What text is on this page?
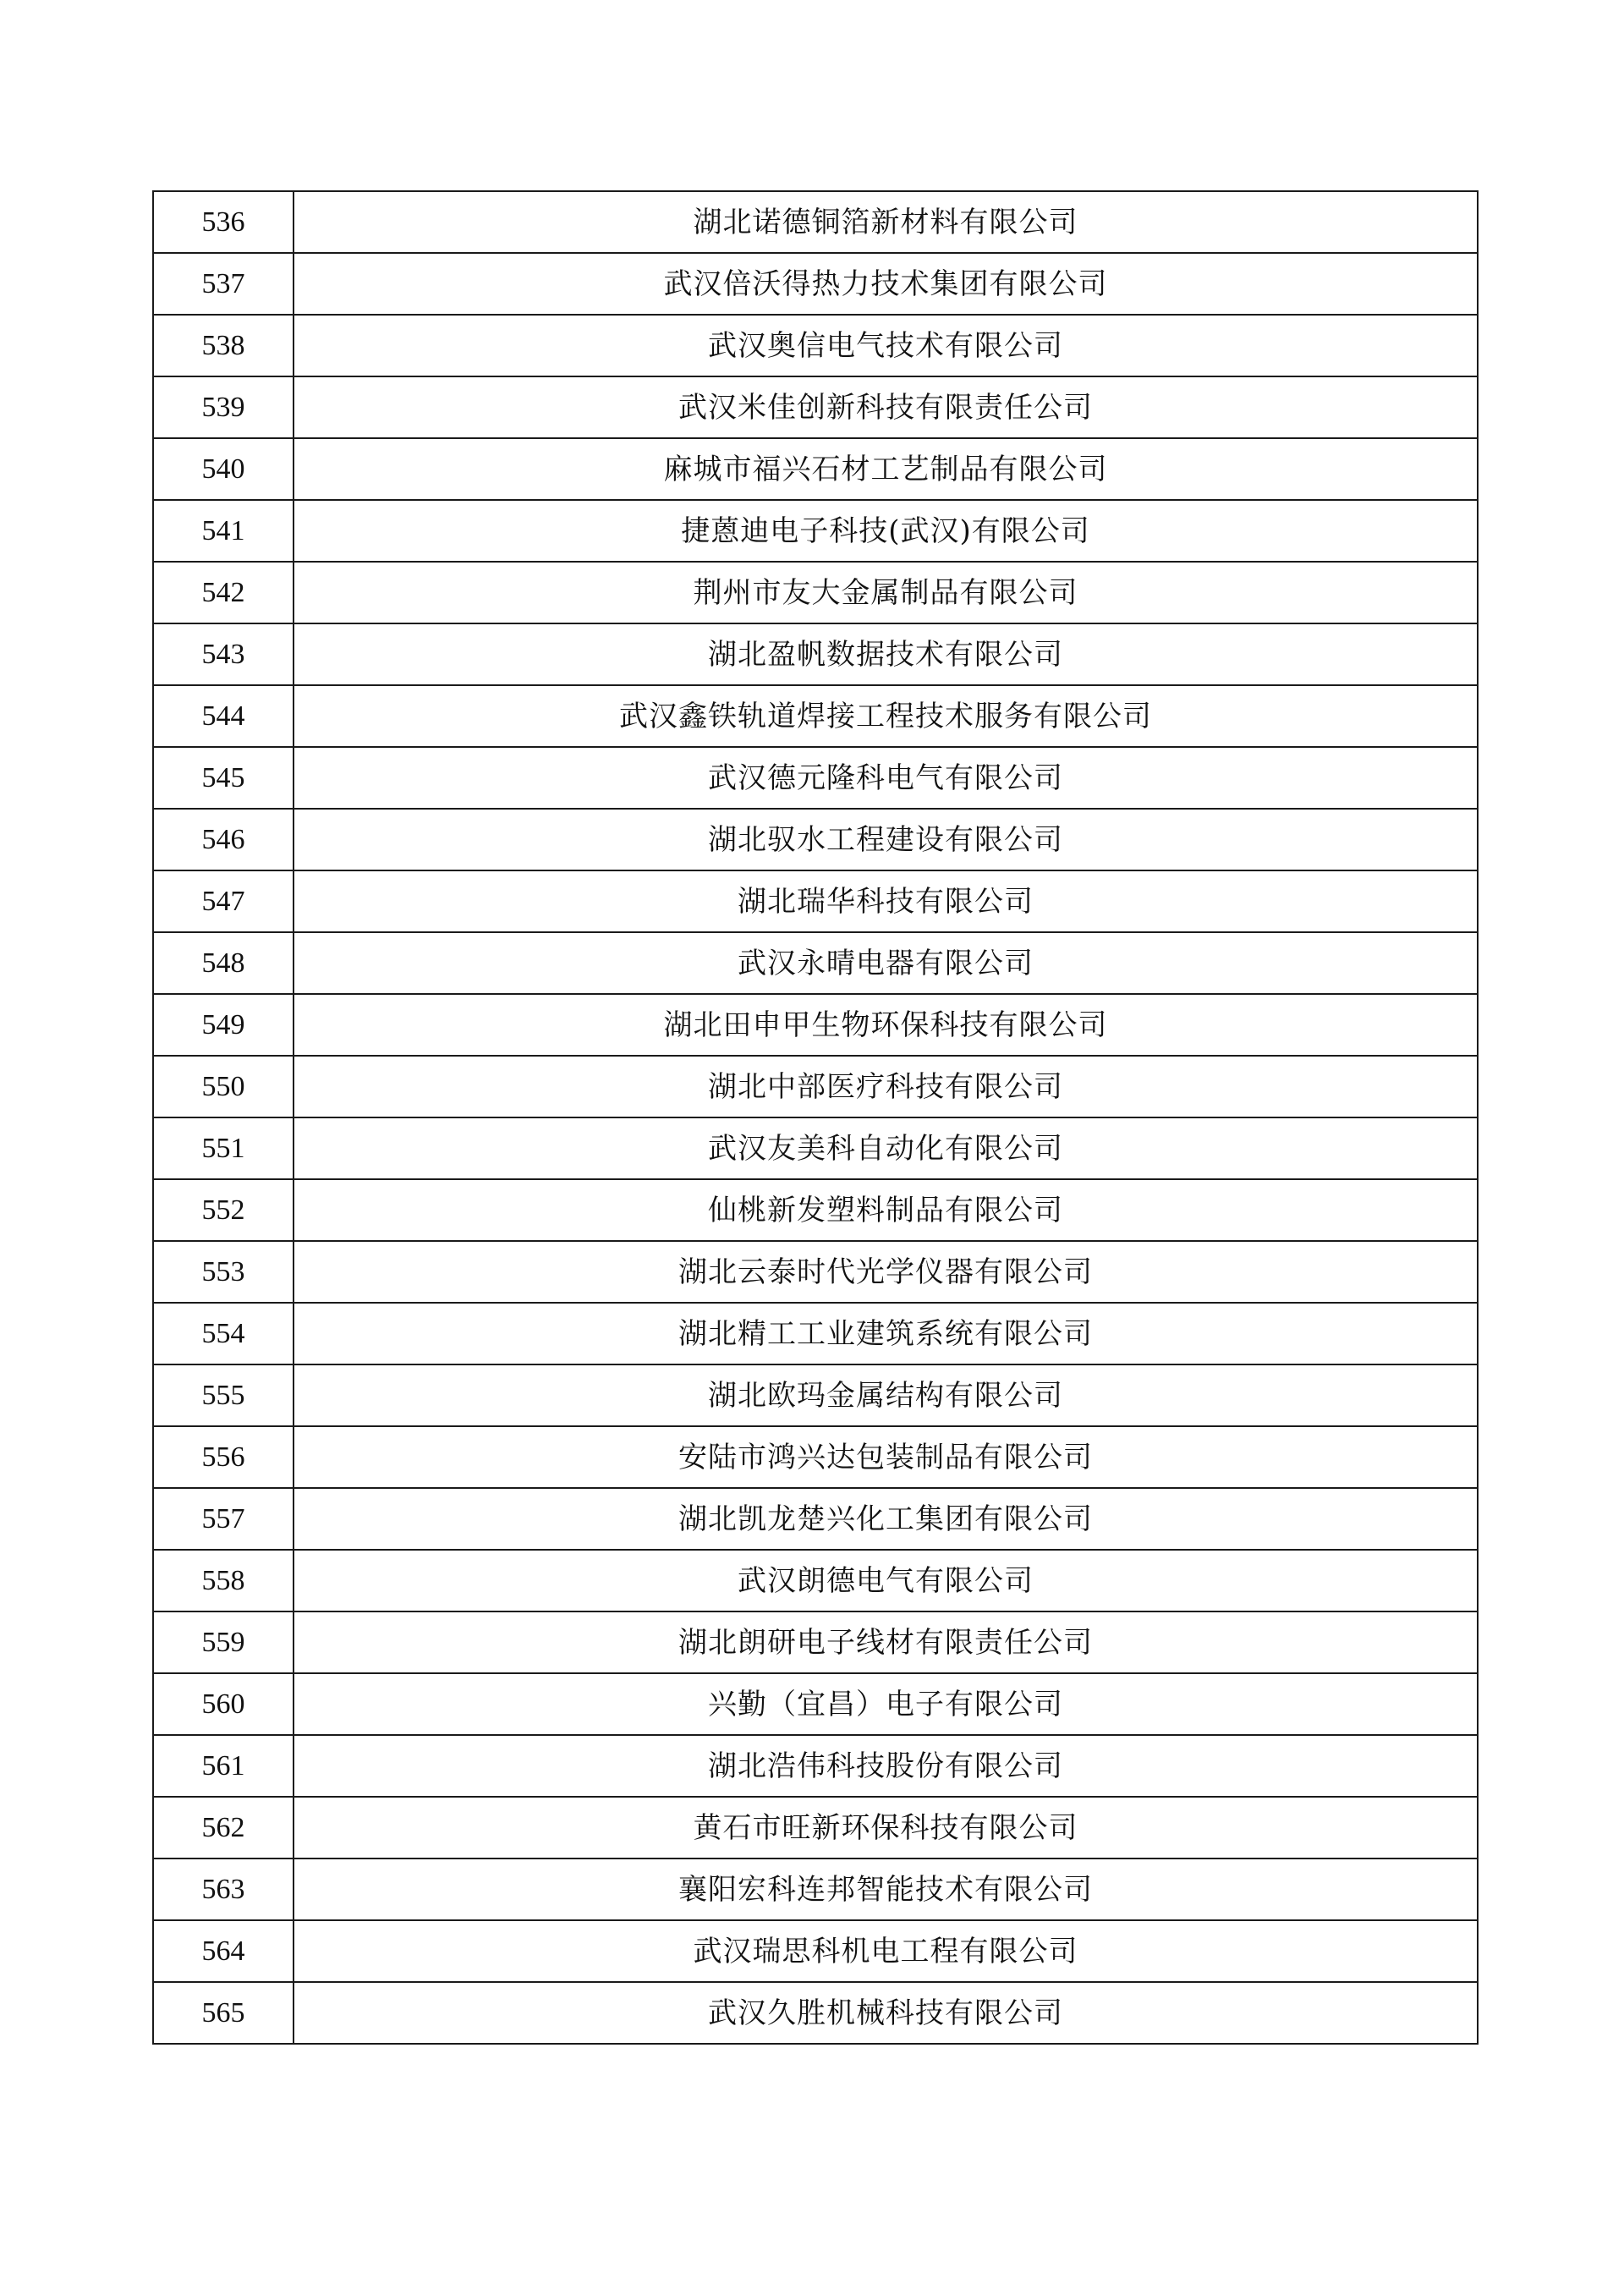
536	湖北诺德铜箔新材料有限公司
537	武汉倍沃得热力技术集团有限公司
538	武汉奥信电气技术有限公司
539	武汉米佳创新科技有限责任公司
540	麻城市福兴石材工艺制品有限公司
541	捷蒽迪电子科技(武汉)有限公司
542	荆州市友大金属制品有限公司
543	湖北盈帆数据技术有限公司
544	武汉鑫铁轨道焊接工程技术服务有限公司
545	武汉德元隆科电气有限公司
546	湖北驭水工程建设有限公司
547	湖北瑞华科技有限公司
548	武汉永晴电器有限公司
549	湖北田申甲生物环保科技有限公司
550	湖北中部医疗科技有限公司
551	武汉友美科自动化有限公司
552	仙桃新发塑料制品有限公司
553	湖北云泰时代光学仪器有限公司
554	湖北精工工业建筑系统有限公司
555	湖北欧玛金属结构有限公司
556	安陆市鸿兴达包装制品有限公司
557	湖北凯龙楚兴化工集团有限公司
558	武汉朗德电气有限公司
559	湖北朗研电子线材有限责任公司
560	兴勤（宜昌）电子有限公司
561	湖北浩伟科技股份有限公司
562	黄石市旺新环保科技有限公司
563	襄阳宏科连邦智能技术有限公司
564	武汉瑞思科机电工程有限公司
565	武汉久胜机械科技有限公司
